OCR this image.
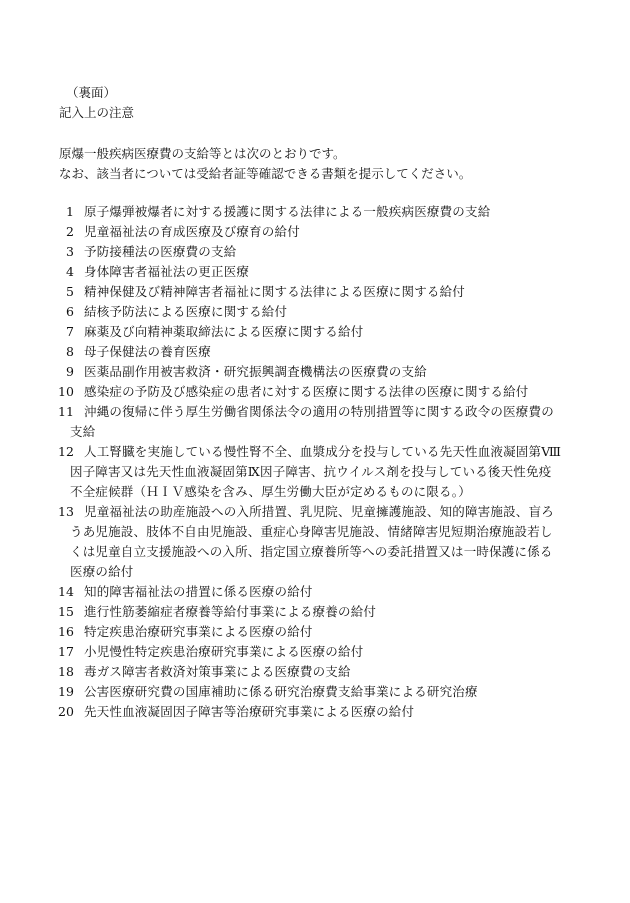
（裏面）
記入上の注意
原爆一般疾病医療費の支給等とは次のとおりです。
なお、該当者については受給者証等確認できる書類を提示してください。
1 原子爆弾被爆者に対する援護に関する法律による一般疾病医療費の支給
2 児童福祉法の育成医療及び療育の給付
3 予防接種法の医療費の支給
4 身体障害者福祉法の更正医療
5 精神保健及び精神障害者福祉に関する法律による医療に関する給付
6 結核予防法による医療に関する給付
7 麻薬及び向精神薬取締法による医療に関する給付
8 母子保健法の養育医療
9 医薬品副作用被害救済・研究振興調査機構法の医療費の支給
10 感染症の予防及び感染症の患者に対する医療に関する法律の医療に関する給付
11 沖縄の復帰に伴う厚生労働省関係法令の適用の特別措置等に関する政令の医療費の
支給
12 人工腎臓を実施している慢性腎不全、血漿成分を投与している先天性血液凝固第Ⅷ
因子障害又は先天性血液凝固第Ⅸ因子障害、抗ウイルス剤を投与している後天性免疫
不全症候群（ＨＩＶ感染を含み、厚生労働大臣が定めるものに限る。）
13 児童福祉法の助産施設への入所措置、乳児院、児童擁護施設、知的障害施設、盲ろ
うあ児施設、肢体不自由児施設、重症心身障害児施設、情緒障害児短期治療施設若し
くは児童自立支援施設への入所、指定国立療養所等への委託措置又は一時保護に係る
医療の給付
14 知的障害福祉法の措置に係る医療の給付
15 進行性筋萎縮症者療養等給付事業による療養の給付
16 特定疾患治療研究事業による医療の給付
17 小児慢性特定疾患治療研究事業による医療の給付
18 毒ガス障害者救済対策事業による医療費の支給
19 公害医療研究費の国庫補助に係る研究治療費支給事業による研究治療
20 先天性血液凝固因子障害等治療研究事業による医療の給付
